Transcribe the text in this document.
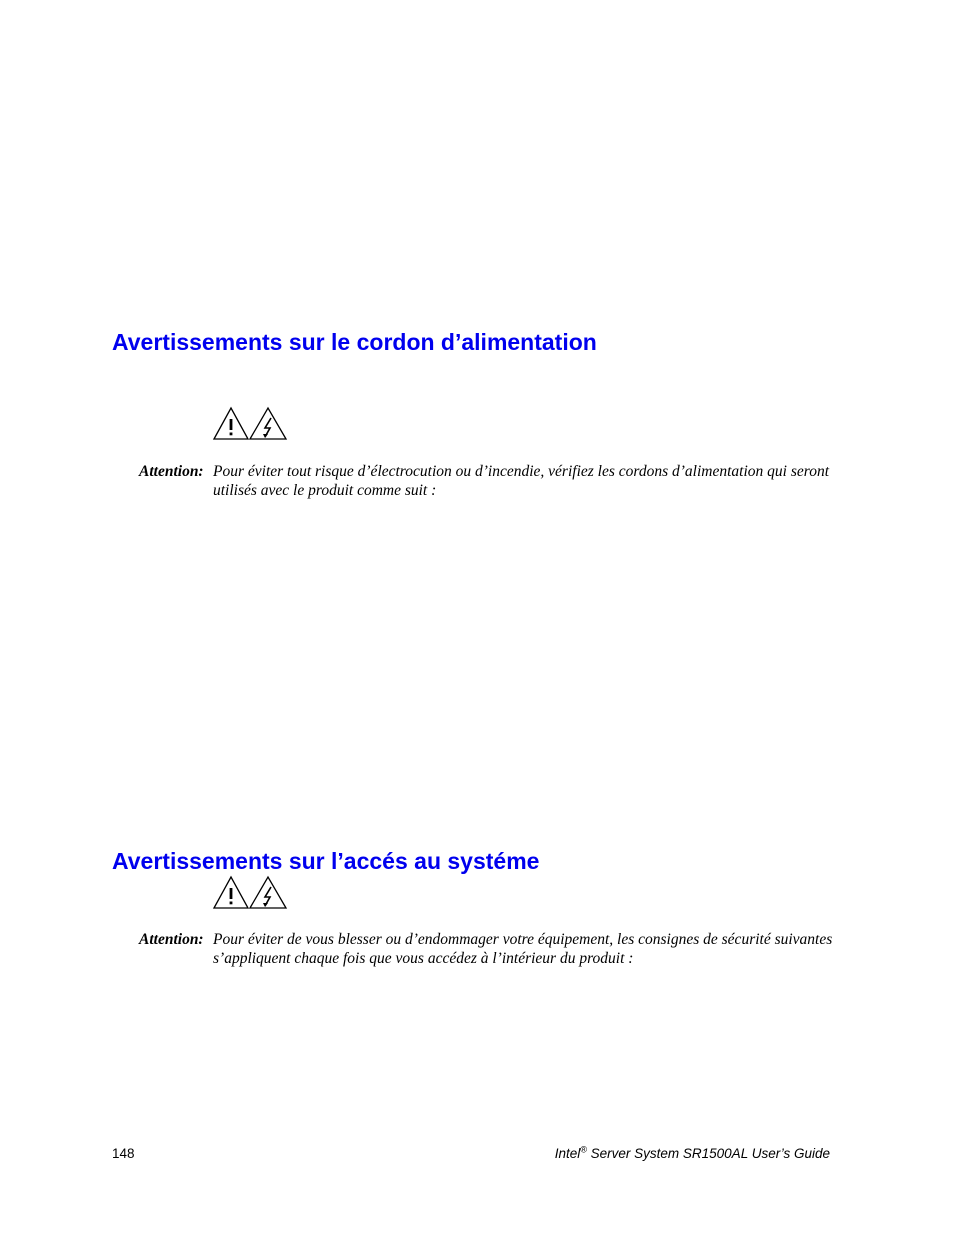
Avertissements sur le cordon d’alimentation
Attention: Pour éviter tout risque d’électrocution ou d’incendie, vérifiez les cordons d’alimentation qui seront utilisés avec le produit comme suit :
Avertissements sur l’accés au systéme
Attention: Pour éviter de vous blesser ou d’endommager votre équipement, les consignes de sécurité suivantes s’appliquent chaque fois que vous accédez à l’intérieur du produit :
148	Intel® Server System SR1500AL User’s Guide
